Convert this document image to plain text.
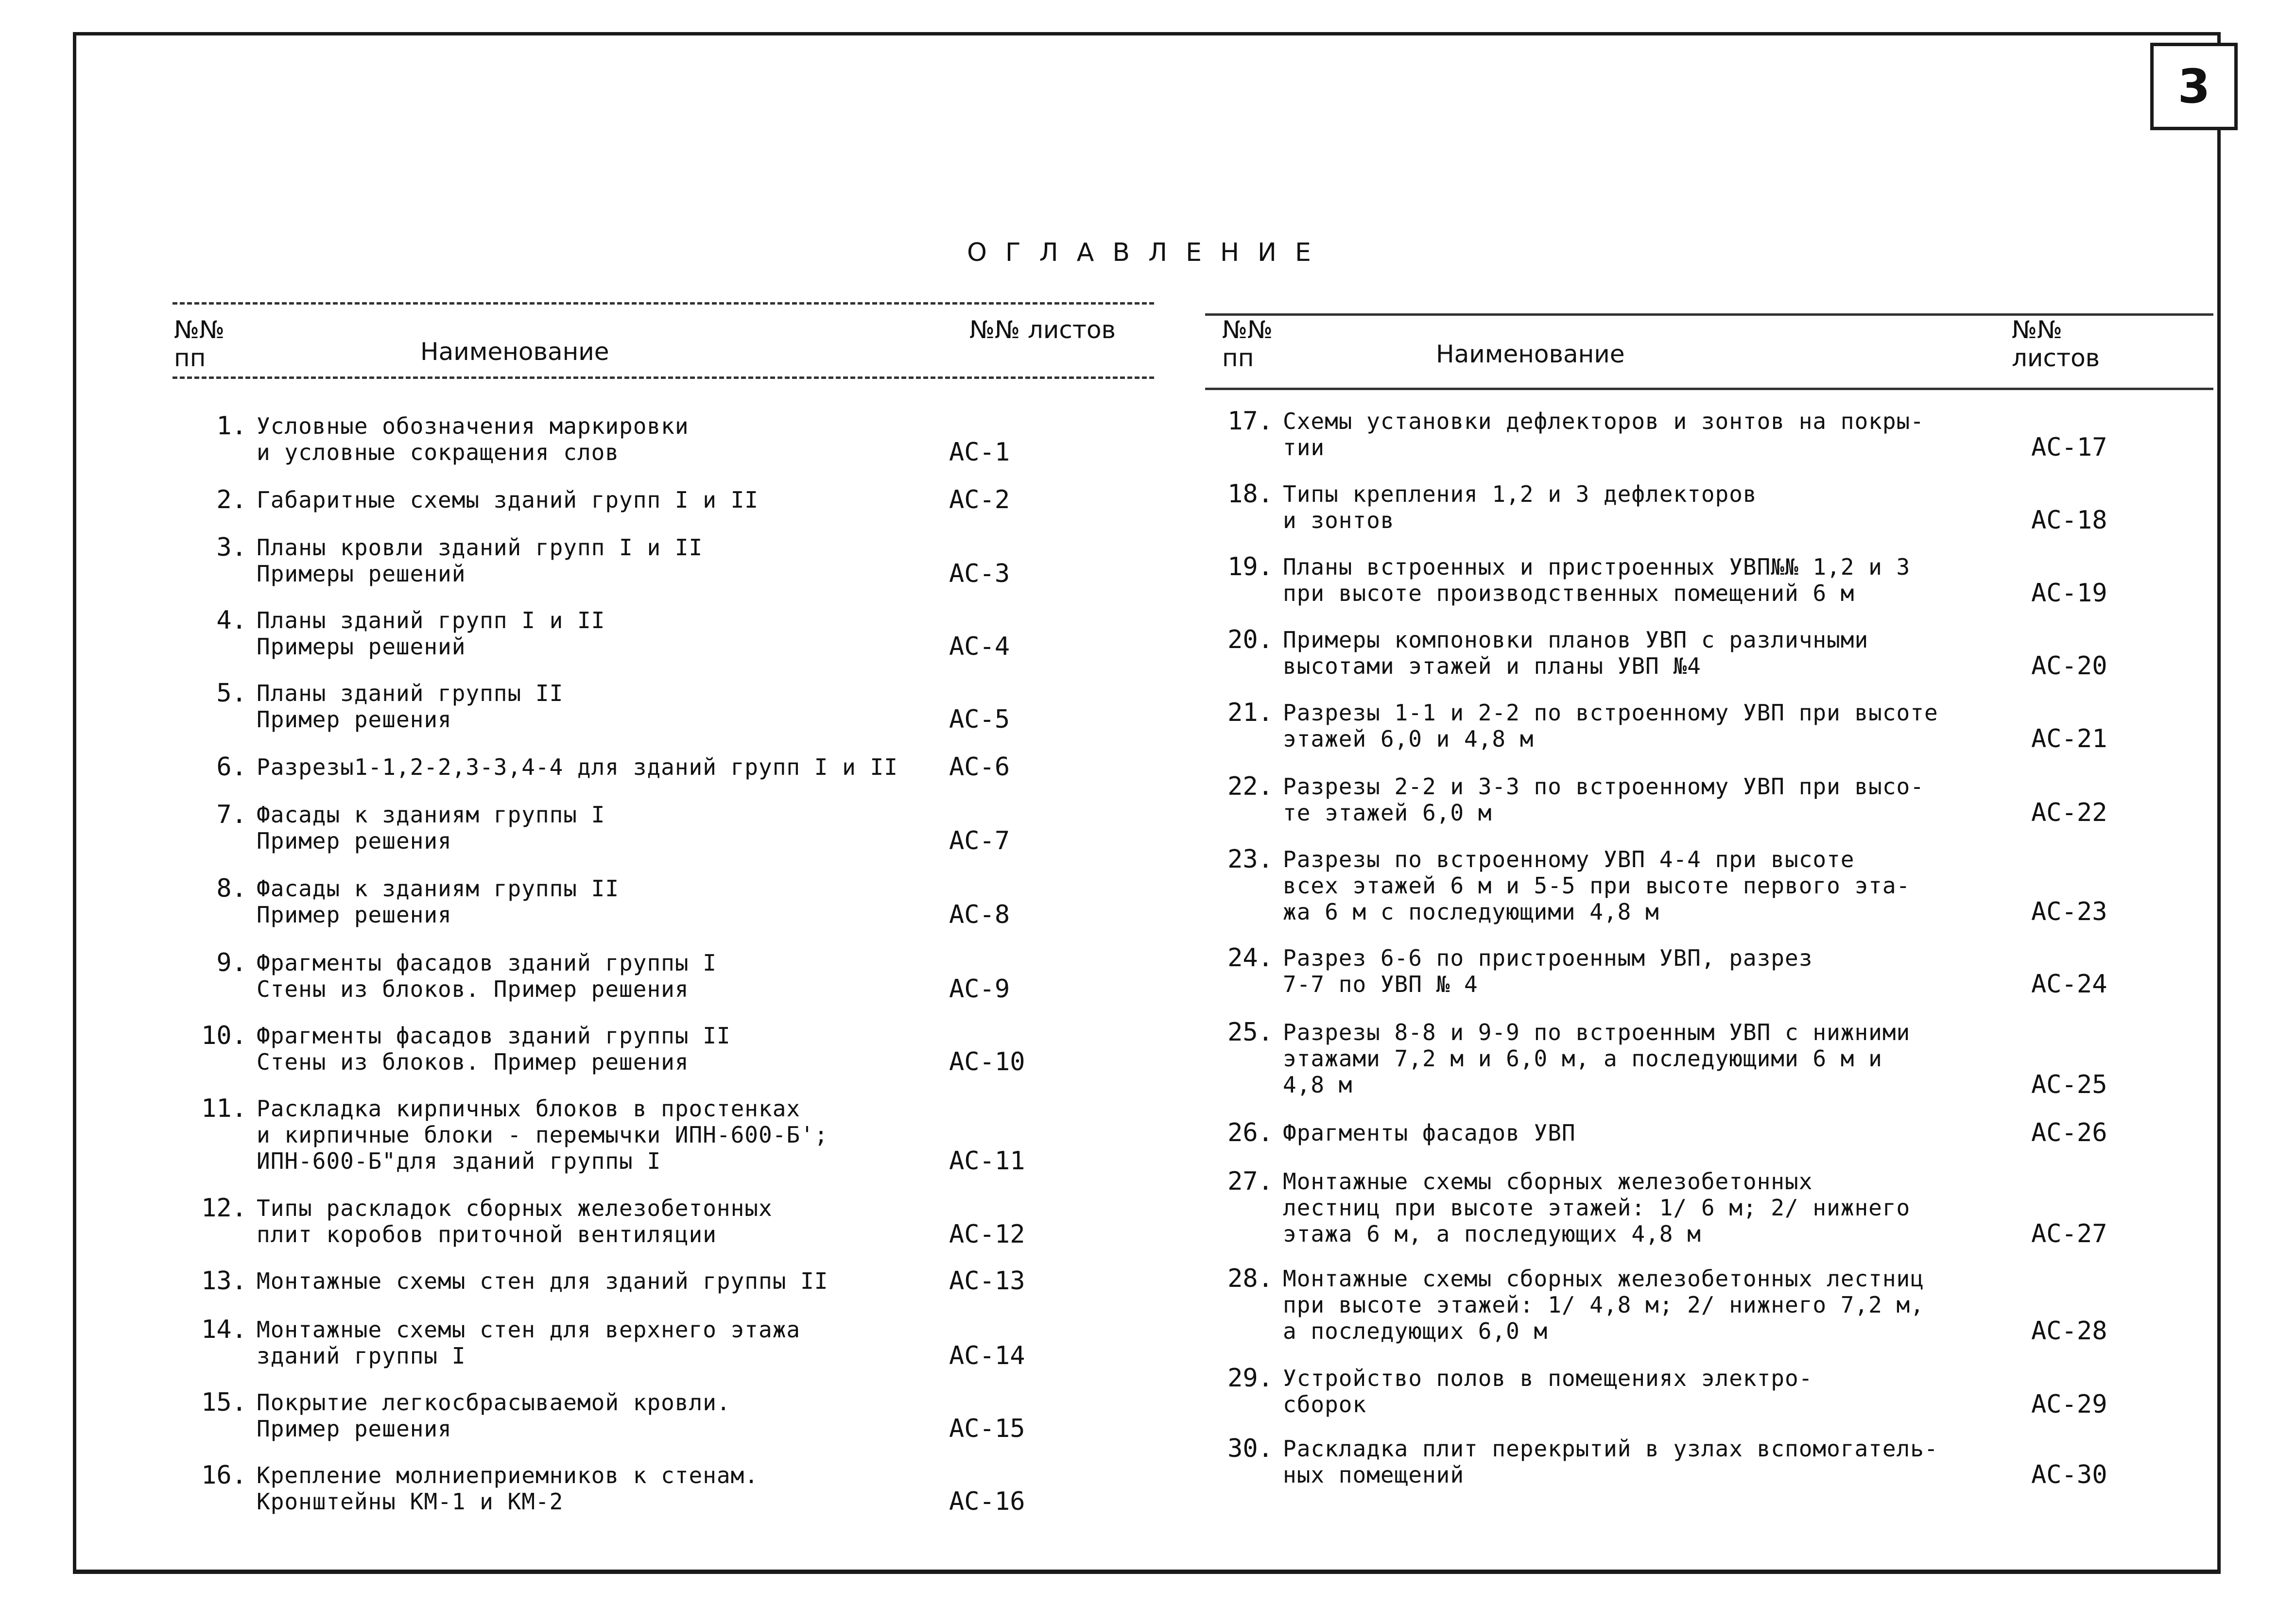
3
ОГЛАВЛЕНИЕ
№№
пп	Наименование
№№ листов	№№
пп	Наименование
№№
листов
1. Условные обозначения маркировки
и условные сокращения слов	АС-1
2. Габаритные схемы зданий групп I и II	АС-2
3. Планы кровли зданий групп I и II
Примеры решений	АС-3
4. Планы зданий групп I и II
Примеры решений	АС-4
5. Планы зданий группы II
Пример решения	АС-5
6. Разрезы1-1,2-2,3-3,4-4 для зданий групп I и II АС-6
7. Фасады к зданиям группы I
Пример решения	АС-7
8. Фасады к зданиям группы II
Пример решения	АС-8
9. Фрагменты фасадов зданий группы I
Стены из блоков. Пример решения	АС-9
10. Фрагменты фасадов зданий группы II
Стены из блоков. Пример решения	АС-10
11. Раскладка кирпичных блоков в простенках
и кирпичные блоки - перемычки ИПН-600-Б';
ИПН-600-Б"для зданий группы I	АС-11
12. Типы раскладок сборных железобетонных
плит коробов приточной вентиляции	АС-12
13. Монтажные схемы стен для зданий группы II	АС-13
14. Монтажные схемы стен для верхнего этажа
зданий группы I	АС-14
15. Покрытие легкосбрасываемой кровли.
Пример решения	АС-15
16. Крепление молниеприемников к стенам.
Кронштейны КМ-1 и КМ-2	АС-16
17. Схемы установки дефлекторов и зонтов на покры-
тии	АС-17
18. Типы крепления 1,2 и 3 дефлекторов
и зонтов	АС-18
19. Планы встроенных и пристроенных УВП№№ 1,2 и 3
при высоте производственных помещений 6 м	АС-19
20. Примеры компоновки планов УВП с различными
высотами этажей и планы УВП №4	АС-20
21. Разрезы 1-1 и 2-2 по встроенному УВП при высоте
этажей 6,0 и 4,8 м	АС-21
22. Разрезы 2-2 и 3-3 по встроенному УВП при высо-
те этажей 6,0 м	АС-22
23. Разрезы по встроенному УВП 4-4 при высоте
всех этажей 6 м и 5-5 при высоте первого эта-
жа 6 м с последующими 4,8 м	АС-23
24. Разрез 6-6 по пристроенным УВП, разрез
7-7 по УВП № 4	АС-24
25. Разрезы 8-8 и 9-9 по встроенным УВП с нижними
этажами 7,2 м и 6,0 м, а последующими 6 м и
4,8 м	АС-25
26. Фрагменты фасадов УВП	АС-26
27. Монтажные схемы сборных железобетонных
лестниц при высоте этажей: 1/ 6 м; 2/ нижнего
этажа 6 м, а последующих 4,8 м	АС-27
28. Монтажные схемы сборных железобетонных лестниц
при высоте этажей: 1/ 4,8 м; 2/ нижнего 7,2 м,
а последующих 6,0 м	АС-28
29. Устройство полов в помещениях электро-
сборок	АС-29
30. Раскладка плит перекрытий в узлах вспомогатель-
ных помещений	АС-30
